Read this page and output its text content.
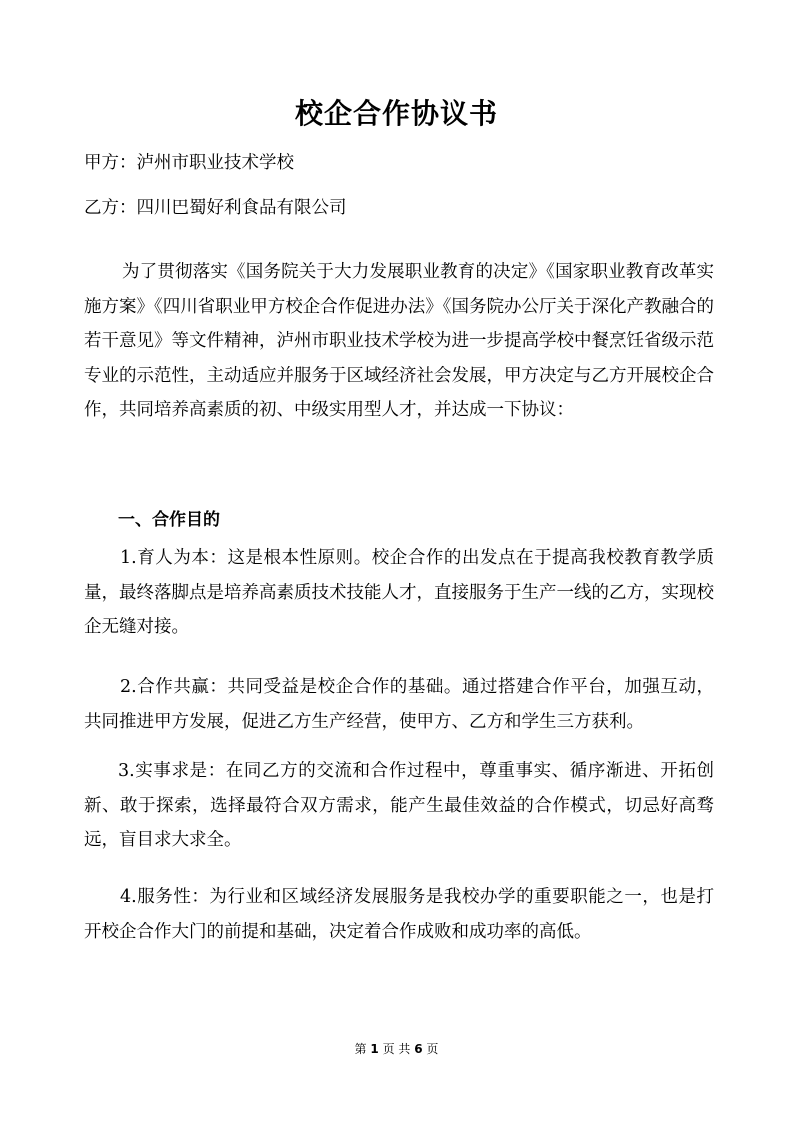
校企合作协议书
甲方：泸州市职业技术学校
乙方：四川巴蜀好利食品有限公司

为了贯彻落实《国务院关于大力发展职业教育的决定》《国家职业教育改革实施方案》《四川省职业甲方校企合作促进办法》《国务院办公厅关于深化产教融合的若干意见》等文件精神，泸州市职业技术学校为进一步提高学校中餐烹饪省级示范专业的示范性，主动适应并服务于区域经济社会发展，甲方决定与乙方开展校企合作，共同培养高素质的初、中级实用型人才，并达成一下协议：

一、合作目的

1.育人为本：这是根本性原则。校企合作的出发点在于提高我校教育教学质量，最终落脚点是培养高素质技术技能人才，直接服务于生产一线的乙方，实现校企无缝对接。

2.合作共赢：共同受益是校企合作的基础。通过搭建合作平台，加强互动，共同推进甲方发展，促进乙方生产经营，使甲方、乙方和学生三方获利。

3.实事求是：在同乙方的交流和合作过程中，尊重事实、循序渐进、开拓创新、敢于探索，选择最符合双方需求，能产生最佳效益的合作模式，切忌好高骛远，盲目求大求全。

4.服务性：为行业和区域经济发展服务是我校办学的重要职能之一，也是打开校企合作大门的前提和基础，决定着合作成败和成功率的高低。

第 1 页 共 6 页
